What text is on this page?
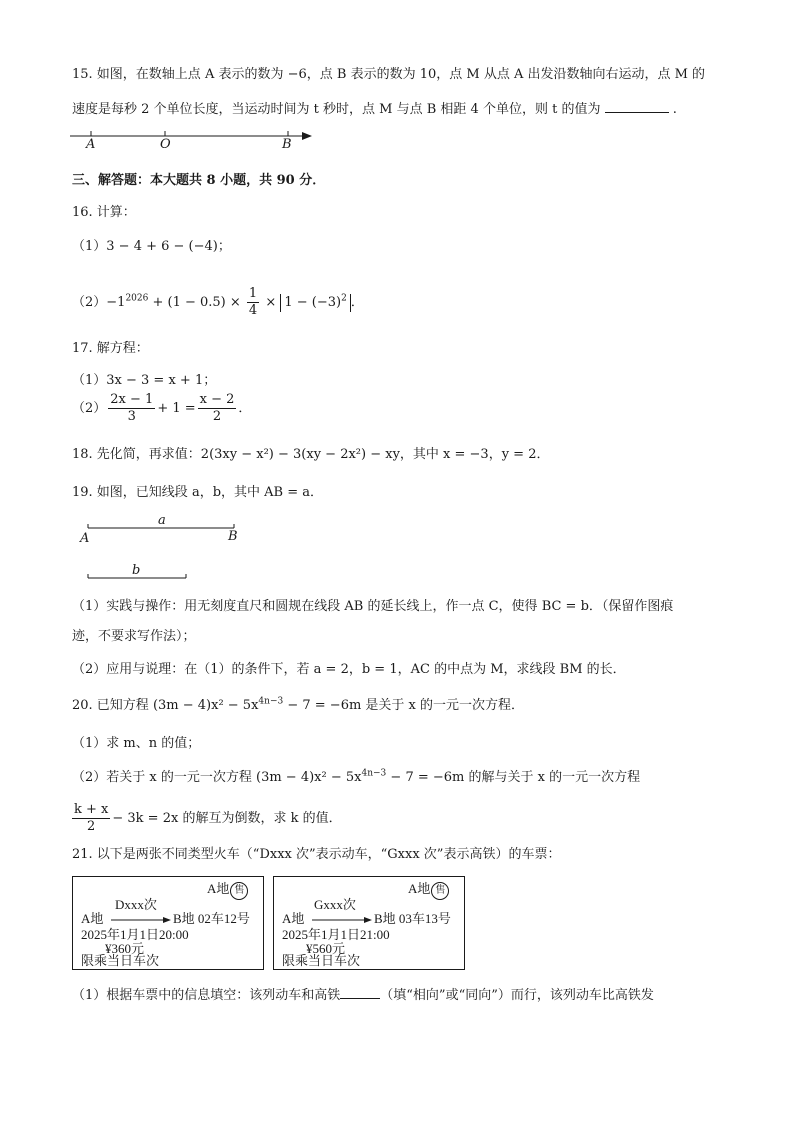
15. 如图，在数轴上点 A 表示的数为 −6，点 B 表示的数为 10，点 M 从点 A 出发沿数轴向右运动，点 M 的
速度是每秒 2 个单位长度，当运动时间为 t 秒时，点 M 与点 B 相距 4 个单位，则 t 的值为	.
A	O	B
三、解答题：本大题共 8 小题，共 90 分．
16. 计算：
（1）3 − 4 + 6 − (−4)；
$(2)-1^{2026} + (1 - 0.5) \times \frac{1}{4} \times 1 - (-3)^2$ ．
17. 解方程：
（1）3x − 3 = x + 1；
$(2) \frac{2x - 1}{3} + 1 = \frac{x - 2}{2}$ ．
18. 先化简，再求值：2(3xy − x²) − 3(xy − 2x²) − xy，其中 x = −3，y = 2．
19. 如图，已知线段 a，b，其中 AB = a．
a
A	B
b
（1）实践与操作：用无刻度直尺和圆规在线段 AB 的延长线上，作一点 C，使得 BC = b．（保留作图痕
迹，不要求写作法）；
（2）应用与说理：在（1）的条件下，若 a = 2，b = 1，AC 的中点为 M，求线段 BM 的长．
20. 已知方程 $(3m - 4)x^2 - 5x^{4n-3} - 7 = -6m$ 是关于 x 的一元一次方程．
（1）求 m、n 的值；
（2）若关于 x 的一元一次方程 $(3m - 4)x^2 - 5x^{4n-3} - 7 = -6m$ 的解与关于 x 的一元一次方程
$\frac{k + x}{2} - 3k = 2x$ 的解互为倒数，求 k 的值．
21. 以下是两张不同类型火车（“Dxxx 次”表示动车，“Gxxx 次”表示高铁）的车票：
A地 售
Dxxx次
A地	B地 02车12号
2025年1月1日20:00
¥360元
限乘当日车次
A地 售
Gxxx次
A地	B地 03车13号
2025年1月1日21:00
¥560元
限乘当日车次
（1）根据车票中的信息填空：该列动车和高铁	（填“相向”或“同向”）而行，该列动车比高铁发
